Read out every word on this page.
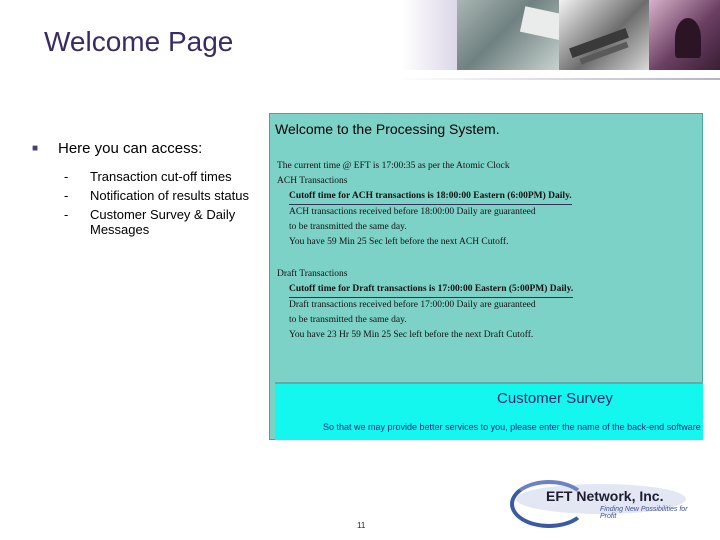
Welcome Page
■	Here you can access:
-	Transaction cut-off times
-	Notification of results status
-	Customer Survey & Daily Messages
Welcome to the Processing System.
The current time @ EFT is 17:00:35 as per the Atomic Clock
ACH Transactions
Cutoff time for ACH transactions is 18:00:00 Eastern (6:00PM) Daily.
ACH transactions received before 18:00:00 Daily are guaranteed
to be transmitted the same day.
You have 59 Min 25 Sec left before the next ACH Cutoff.
Draft Transactions
Cutoff time for Draft transactions is 17:00:00 Eastern (5:00PM) Daily.
Draft transactions received before 17:00:00 Daily are guaranteed
to be transmitted the same day.
You have 23 Hr 59 Min 25 Sec left before the next Draft Cutoff.
Customer Survey
So that we may provide better services to you, please enter the name of the back-end software
EFT Network, Inc.
Finding New Possibilities for Profit
11
